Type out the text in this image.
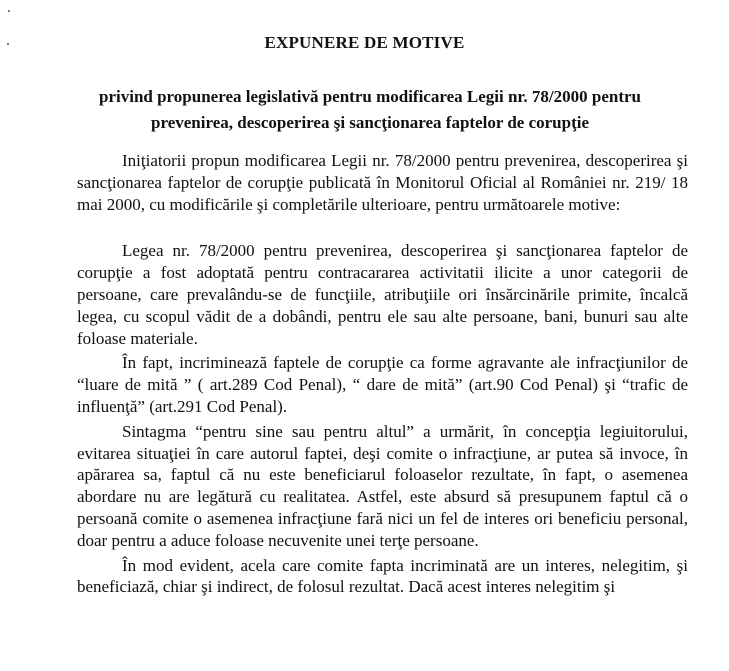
EXPUNERE DE MOTIVE
privind propunerea legislativă pentru modificarea Legii nr. 78/2000 pentru
prevenirea, descoperirea şi sancţionarea faptelor de corupţie

Iniţiatorii propun modificarea Legii nr. 78/2000 pentru prevenirea, descoperirea şi sancţionarea faptelor de corupţie publicată în Monitorul Oficial al României nr. 219/ 18 mai 2000, cu modificările şi completările ulterioare, pentru următoarele motive:

Legea nr. 78/2000 pentru prevenirea, descoperirea şi sancţionarea faptelor de corupţie a fost adoptată pentru contracararea activitatii ilicite a unor categorii de persoane, care prevalându-se de funcţiile, atribuţiile ori însărcinările primite, încalcă legea, cu scopul vădit de a dobândi, pentru ele sau alte persoane, bani, bunuri sau alte foloase materiale.

În fapt, incriminează faptele de corupţie ca forme agravante ale infracţiunilor de “luare de mită ” ( art.289 Cod Penal), “ dare de mită” (art.90 Cod Penal) şi “trafic de influenţă” (art.291 Cod Penal).

Sintagma “pentru sine sau pentru altul” a urmărit, în concepţia legiuitorului, evitarea situaţiei în care autorul faptei, deşi comite o infracţiune, ar putea să invoce, în apărarea sa, faptul că nu este beneficiarul foloaselor rezultate, în fapt, o asemenea abordare nu are legătură cu realitatea. Astfel, este absurd să presupunem faptul că o persoană comite o asemenea infracţiune fară nici un fel de interes ori beneficiu personal, doar pentru a aduce foloase necuvenite unei terţe persoane.

În mod evident, acela care comite fapta incriminată are un interes, nelegitim, şi beneficiază, chiar şi indirect, de folosul rezultat. Dacă acest interes nelegitim şi
